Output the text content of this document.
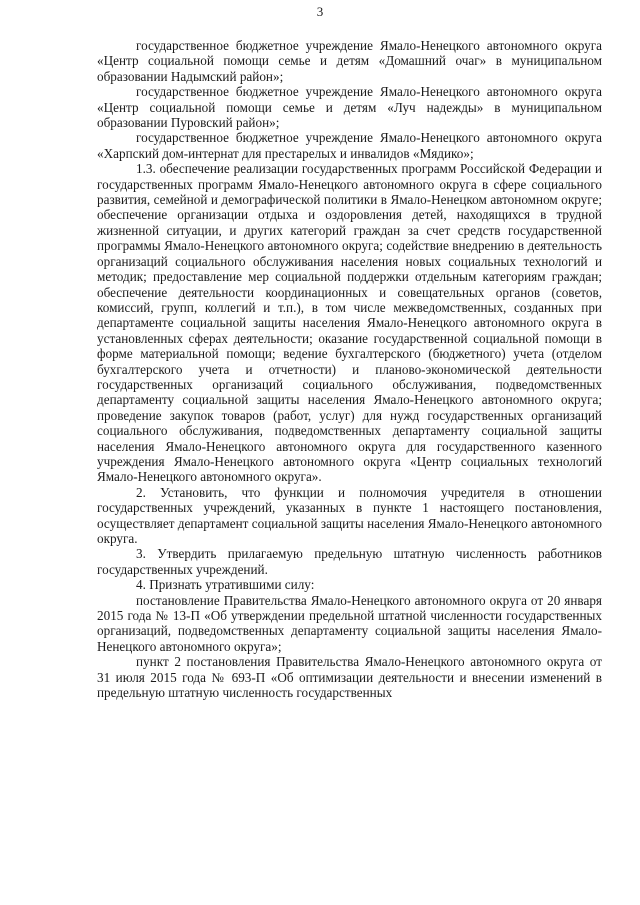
3

государственное бюджетное учреждение Ямало-Ненецкого автономного округа «Центр социальной помощи семье и детям «Домашний очаг» в муниципальном образовании Надымский район»;

государственное бюджетное учреждение Ямало-Ненецкого автономного округа «Центр социальной помощи семье и детям «Луч надежды» в муниципальном образовании Пуровский район»;

государственное бюджетное учреждение Ямало-Ненецкого автономного округа «Харпский дом-интернат для престарелых и инвалидов «Мядико»;

1.3. обеспечение реализации государственных программ Российской Федерации и государственных программ Ямало-Ненецкого автономного округа в сфере социального развития, семейной и демографической политики в Ямало-Ненецком автономном округе; обеспечение организации отдыха и оздоровления детей, находящихся в трудной жизненной ситуации, и других категорий граждан за счет средств государственной программы Ямало-Ненецкого автономного округа; содействие внедрению в деятельность организаций социального обслуживания населения новых социальных технологий и методик; предоставление мер социальной поддержки отдельным категориям граждан; обеспечение деятельности координационных и совещательных органов (советов, комиссий, групп, коллегий и т.п.), в том числе межведомственных, созданных при департаменте социальной защиты населения Ямало-Ненецкого автономного округа в установленных сферах деятельности; оказание государственной социальной помощи в форме материальной помощи; ведение бухгалтерского (бюджетного) учета (отделом бухгалтерского учета и отчетности) и планово-экономической деятельности государственных организаций социального обслуживания, подведомственных департаменту социальной защиты населения Ямало-Ненецкого автономного округа; проведение закупок товаров (работ, услуг) для нужд государственных организаций социального обслуживания, подведомственных департаменту социальной защиты населения Ямало-Ненецкого автономного округа для государственного казенного учреждения Ямало-Ненецкого автономного округа «Центр социальных технологий Ямало-Ненецкого автономного округа».

2. Установить, что функции и полномочия учредителя в отношении государственных учреждений, указанных в пункте 1 настоящего постановления, осуществляет департамент социальной защиты населения Ямало-Ненецкого автономного округа.

3. Утвердить прилагаемую предельную штатную численность работников государственных учреждений.

4. Признать утратившими силу:

постановление Правительства Ямало-Ненецкого автономного округа от 20 января 2015 года № 13-П «Об утверждении предельной штатной численности государственных организаций, подведомственных департаменту социальной защиты населения Ямало-Ненецкого автономного округа»;

пункт 2 постановления Правительства Ямало-Ненецкого автономного округа от 31 июля 2015 года № 693-П «Об оптимизации деятельности и внесении изменений в предельную штатную численность государственных
